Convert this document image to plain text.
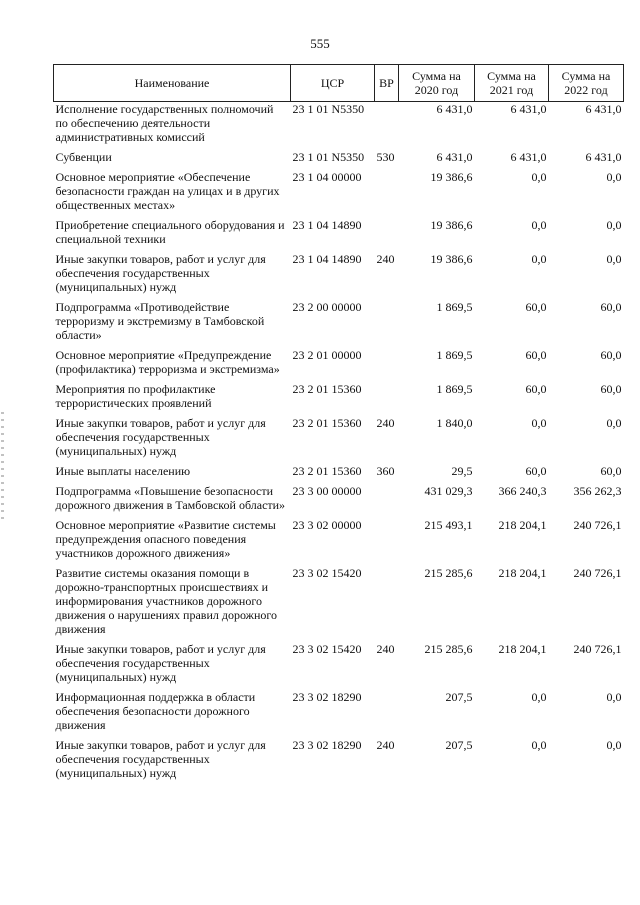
555
Наименование	ЦСР	ВР	Сумма на 2020 год	Сумма на 2021 год	Сумма на 2022 год
Исполнение государственных полномочий по обеспечению деятельности административных комиссий	23 1 01 N5350		6 431,0	6 431,0	6 431,0
Субвенции	23 1 01 N5350	530	6 431,0	6 431,0	6 431,0
Основное мероприятие «Обеспечение безопасности граждан на улицах и в других общественных местах»	23 1 04 00000		19 386,6	0,0	0,0
Приобретение специального оборудования и специальной техники	23 1 04 14890		19 386,6	0,0	0,0
Иные закупки товаров, работ и услуг для обеспечения государственных (муниципальных) нужд	23 1 04 14890	240	19 386,6	0,0	0,0
Подпрограмма «Противодействие терроризму и экстремизму в Тамбовской области»	23 2 00 00000		1 869,5	60,0	60,0
Основное мероприятие «Предупреждение (профилактика) терроризма и экстремизма»	23 2 01 00000		1 869,5	60,0	60,0
Мероприятия по профилактике террористических проявлений	23 2 01 15360		1 869,5	60,0	60,0
Иные закупки товаров, работ и услуг для обеспечения государственных (муниципальных) нужд	23 2 01 15360	240	1 840,0	0,0	0,0
Иные выплаты населению	23 2 01 15360	360	29,5	60,0	60,0
Подпрограмма «Повышение безопасности дорожного движения в Тамбовской области»	23 3 00 00000		431 029,3	366 240,3	356 262,3
Основное мероприятие «Развитие системы предупреждения опасного поведения участников дорожного движения»	23 3 02 00000		215 493,1	218 204,1	240 726,1
Развитие системы оказания помощи в дорожно-транспортных происшествиях и информирования участников дорожного движения о нарушениях правил дорожного движения	23 3 02 15420		215 285,6	218 204,1	240 726,1
Иные закупки товаров, работ и услуг для обеспечения государственных (муниципальных) нужд	23 3 02 15420	240	215 285,6	218 204,1	240 726,1
Информационная поддержка в области обеспечения безопасности дорожного движения	23 3 02 18290		207,5	0,0	0,0
Иные закупки товаров, работ и услуг для обеспечения государственных (муниципальных) нужд	23 3 02 18290	240	207,5	0,0	0,0
